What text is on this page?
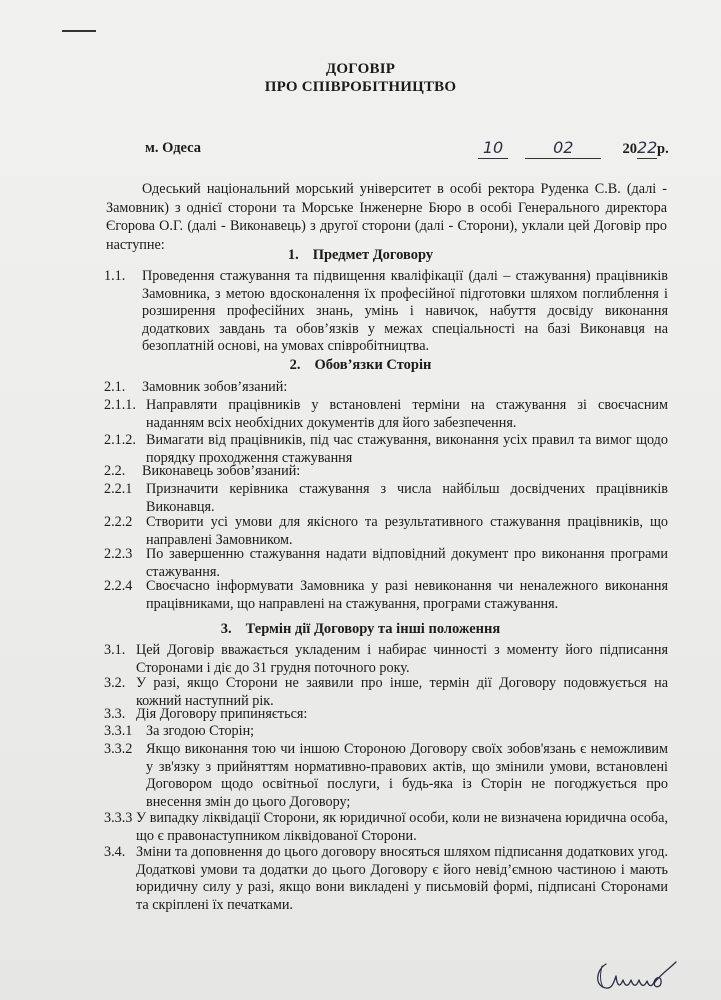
ДОГОВІР
ПРО СПІВРОБІТНИЦТВО
м. Одеса	10	02	2022р.
Одеський національний морський університет в особі ректора Руденка С.В. (далі - Замовник) з однієї сторони та Морське Інженерне Бюро в особі Генерального директора Єгорова О.Г. (далі - Виконавець) з другої сторони (далі - Сторони), уклали цей Договір про наступне:
1. Предмет Договору
1.1. Проведення стажування та підвищення кваліфікації (далі – стажування) працівників Замовника, з метою вдосконалення їх професійної підготовки шляхом поглиблення і розширення професійних знань, умінь і навичок, набуття досвіду виконання додаткових завдань та обов’язків у межах спеціальності на базі Виконавця на безоплатній основі, на умовах співробітництва.
2. Обов’язки Сторін
2.1. Замовник зобов’язаний:
2.1.1. Направляти працівників у встановлені терміни на стажування зі своєчасним наданням всіх необхідних документів для його забезпечення.
2.1.2. Вимагати від працівників, під час стажування, виконання усіх правил та вимог щодо порядку проходження стажування
2.2. Виконавець зобов’язаний:
2.2.1 Призначити керівника стажування з числа найбільш досвідчених працівників Виконавця.
2.2.2 Створити усі умови для якісного та результативного стажування працівників, що направлені Замовником.
2.2.3 По завершенню стажування надати відповідний документ про виконання програми стажування.
2.2.4 Своєчасно інформувати Замовника у разі невиконання чи неналежного виконання працівниками, що направлені на стажування, програми стажування.
3. Термін дії Договору та інші положення
3.1. Цей Договір вважається укладеним і набирає чинності з моменту його підписання Сторонами і діє до 31 грудня поточного року.
3.2. У разі, якщо Сторони не заявили про інше, термін дії Договору подовжується на кожний наступний рік.
3.3. Дія Договору припиняється:
3.3.1 За згодою Сторін;
3.3.2 Якщо виконання тою чи іншою Стороною Договору своїх зобов'язань є неможливим у зв'язку з прийняттям нормативно-правових актів, що змінили умови, встановлені Договором щодо освітньої послуги, і будь-яка із Сторін не погоджується про внесення змін до цього Договору;
3.3.3 У випадку ліквідації Сторони, як юридичної особи, коли не визначена юридична особа, що є правонаступником ліквідованої Сторони.
3.4. Зміни та доповнення до цього договору вносяться шляхом підписання додаткових угод. Додаткові умови та додатки до цього Договору є його невід’ємною частиною і мають юридичну силу у разі, якщо вони викладені у письмовій формі, підписані Сторонами та скріплені їх печатками.
